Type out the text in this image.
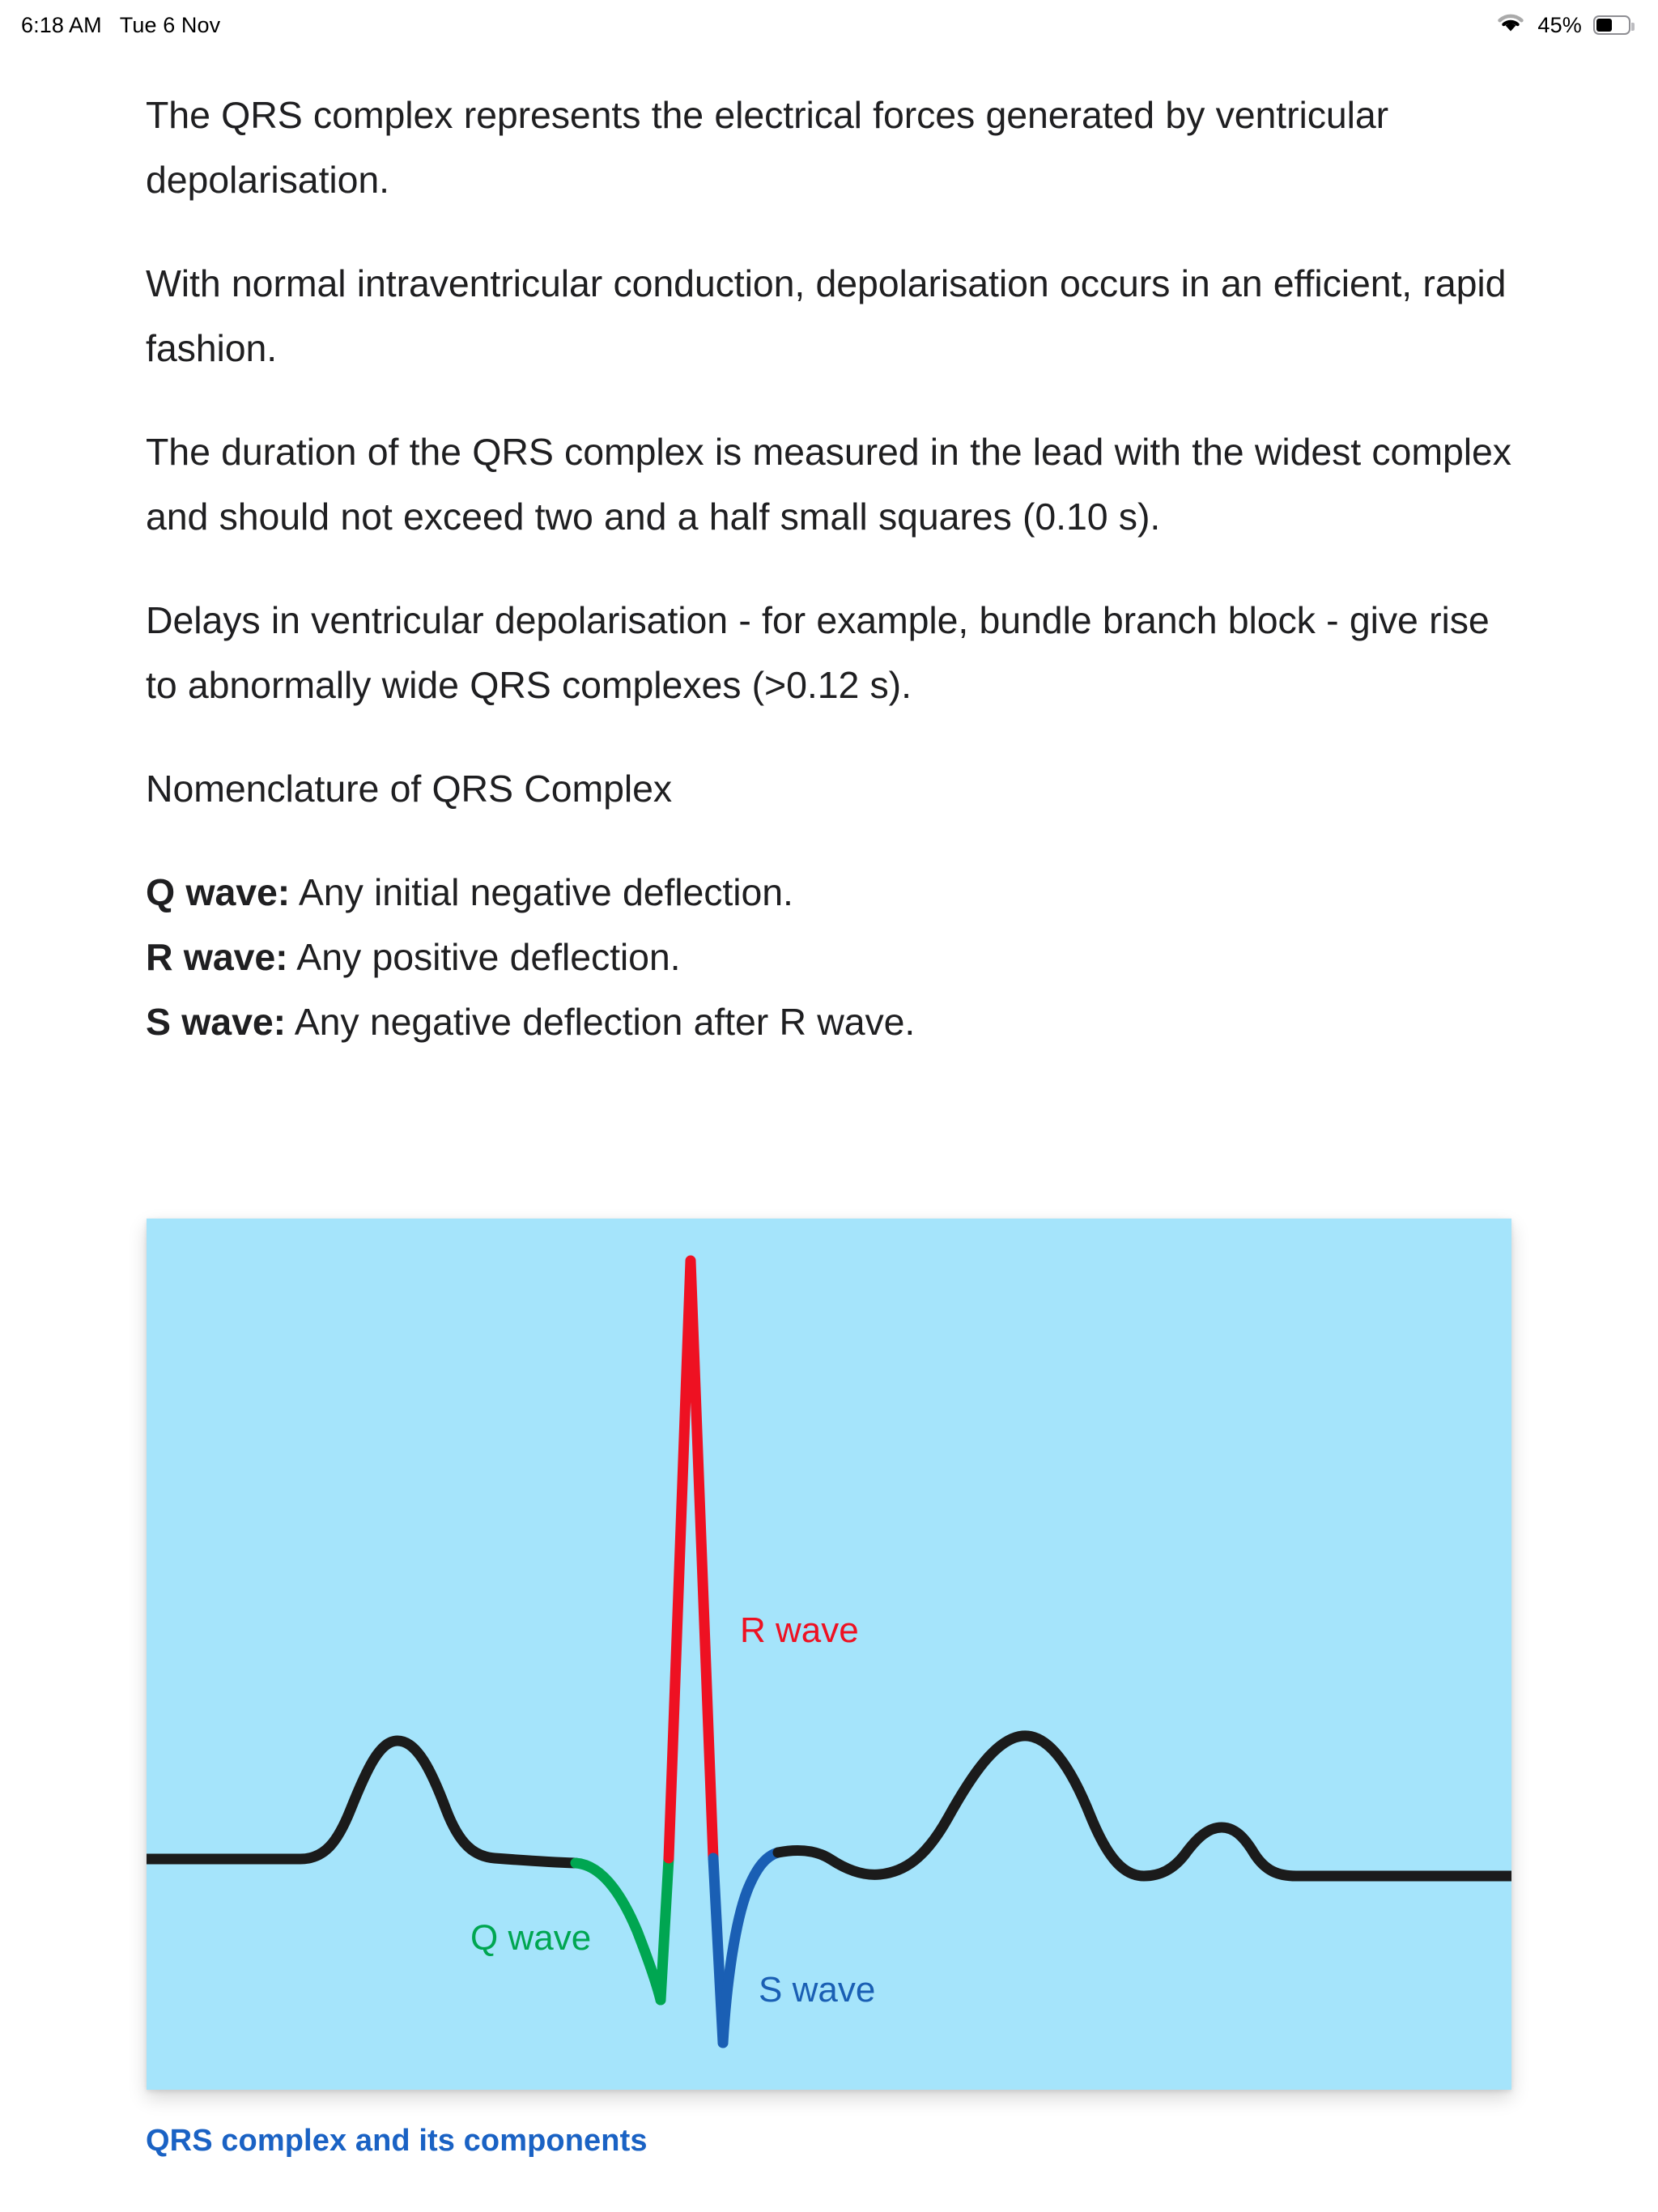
6:18 AM Tue 6 Nov	45%

The QRS complex represents the electrical forces generated by ventricular depolarisation.

With normal intraventricular conduction, depolarisation occurs in an efficient, rapid fashion.

The duration of the QRS complex is measured in the lead with the widest complex and should not exceed two and a half small squares (0.10 s).

Delays in ventricular depolarisation - for example, bundle branch block - give rise to abnormally wide QRS complexes (>0.12 s).

Nomenclature of QRS Complex

Q wave: Any initial negative deflection.
R wave: Any positive deflection.
S wave: Any negative deflection after R wave.
R wave
Q wave
S wave
QRS complex and its components
